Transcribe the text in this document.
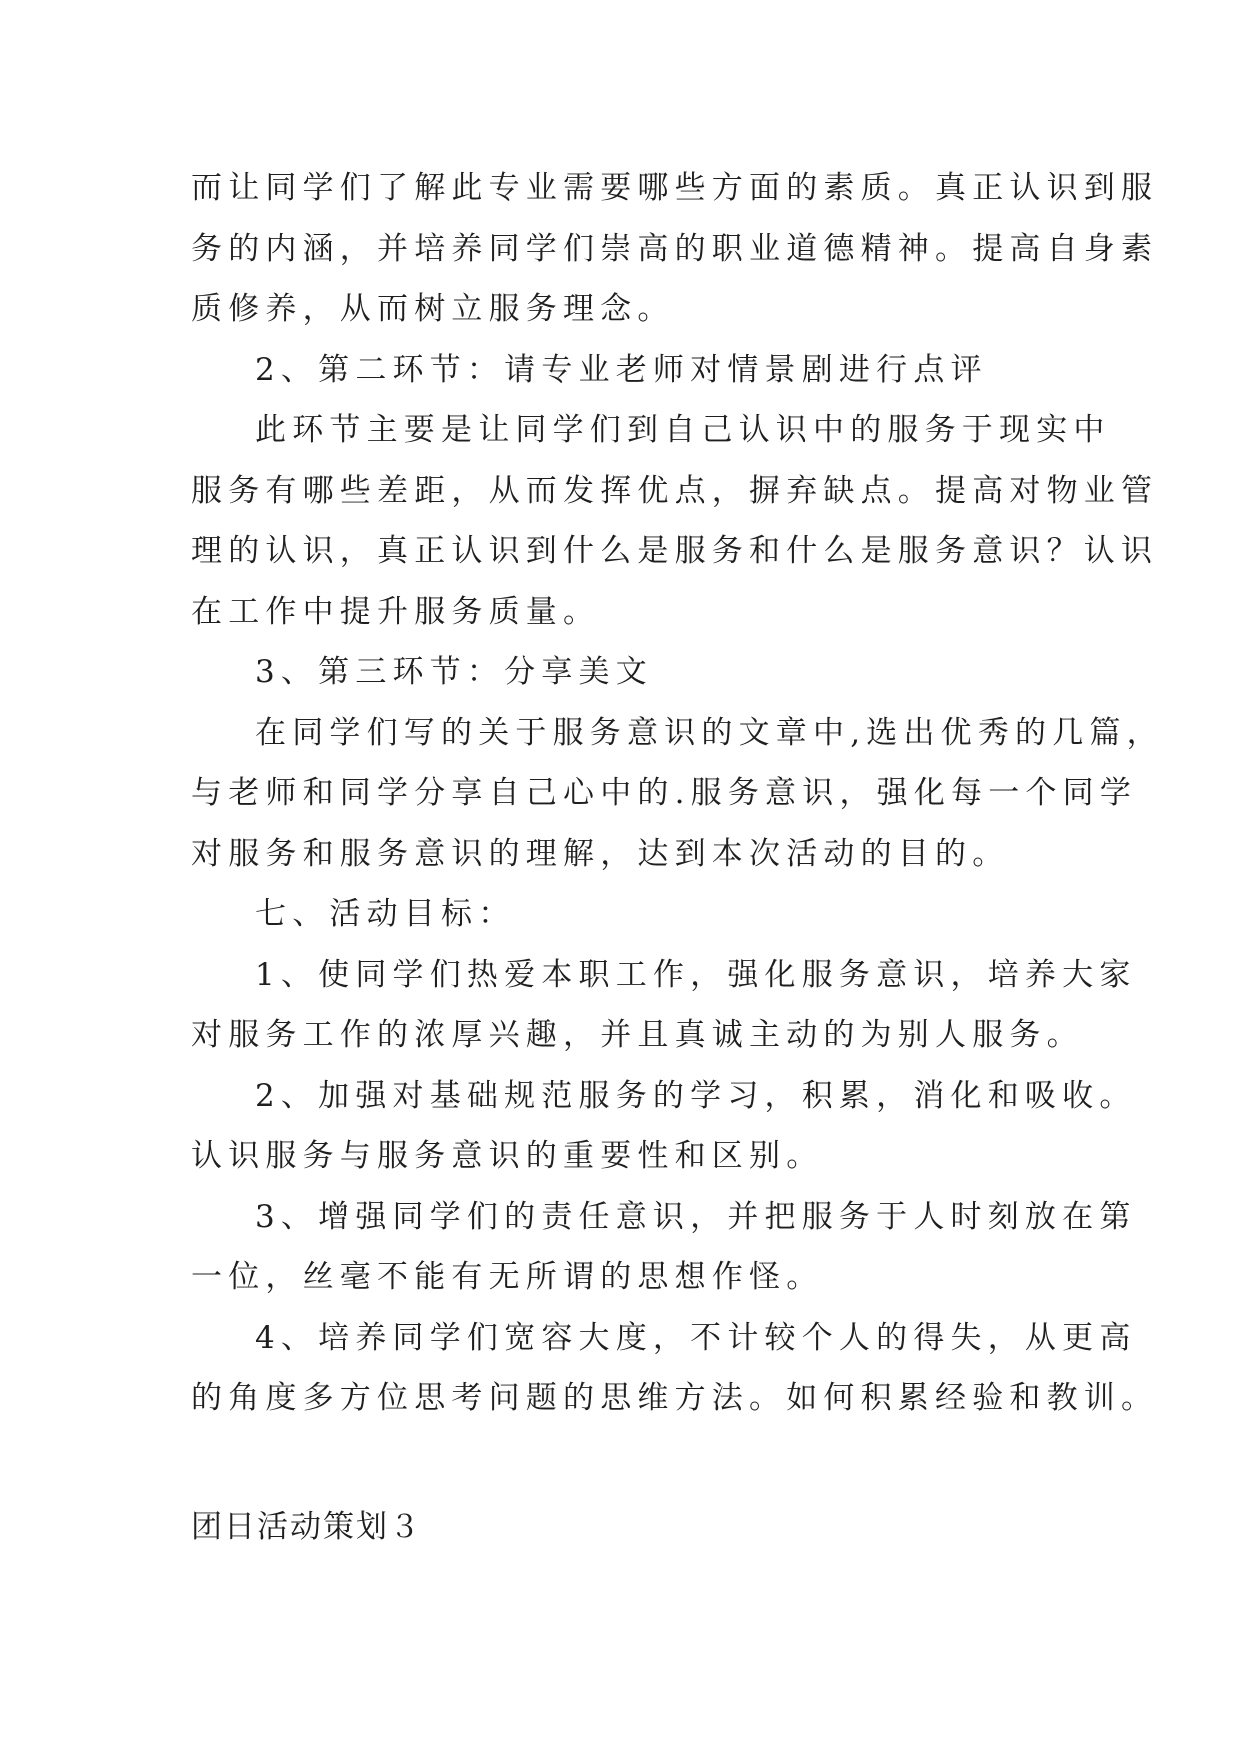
而让同学们了解此专业需要哪些方面的素质。真正认识到服
务的内涵，并培养同学们崇高的职业道德精神。提高自身素
质修养，从而树立服务理念。
2、第二环节：请专业老师对情景剧进行点评
此环节主要是让同学们到自己认识中的服务于现实中
服务有哪些差距，从而发挥优点，摒弃缺点。提高对物业管
理的认识，真正认识到什么是服务和什么是服务意识？认识
在工作中提升服务质量。
3、第三环节：分享美文
在同学们写的关于服务意识的文章中,选出优秀的几篇，
与老师和同学分享自己心中的.服务意识，强化每一个同学
对服务和服务意识的理解，达到本次活动的目的。
七、活动目标：
1、使同学们热爱本职工作，强化服务意识，培养大家
对服务工作的浓厚兴趣，并且真诚主动的为别人服务。
2、加强对基础规范服务的学习，积累，消化和吸收。
认识服务与服务意识的重要性和区别。
3、增强同学们的责任意识，并把服务于人时刻放在第
一位，丝毫不能有无所谓的思想作怪。
4、培养同学们宽容大度，不计较个人的得失，从更高
的角度多方位思考问题的思维方法。如何积累经验和教训。
团日活动策划３
